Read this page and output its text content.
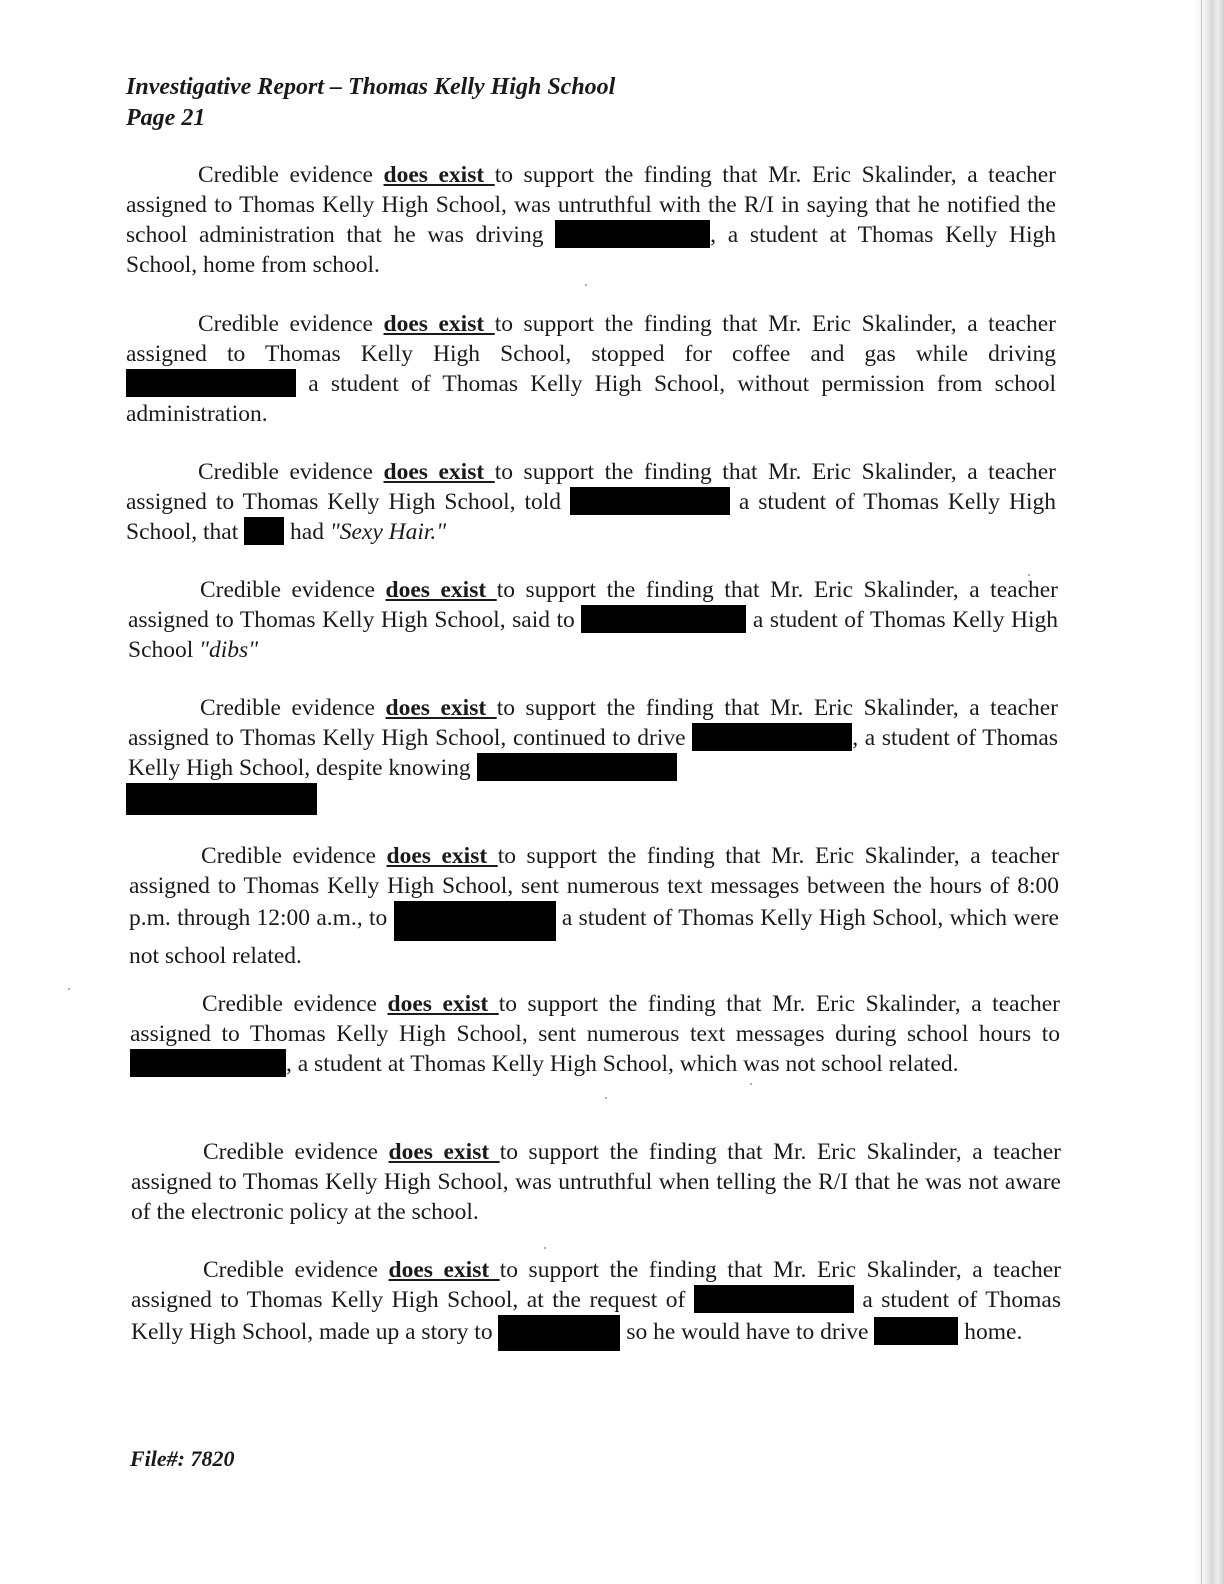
Investigative Report – Thomas Kelly High School
Page 21

Credible evidence does exist to support the finding that Mr. Eric Skalinder, a teacher assigned to Thomas Kelly High School, was untruthful with the R/I in saying that he notified the school administration that he was driving	, a student at Thomas Kelly High School, home from school.

Credible evidence does exist to support the finding that Mr. Eric Skalinder, a teacher assigned to Thomas Kelly High School, stopped for coffee and gas while driving  a student of Thomas Kelly High School, without permission from school administration.

Credible evidence does exist to support the finding that Mr. Eric Skalinder, a teacher assigned to Thomas Kelly High School, told	a student of Thomas Kelly High School, that  had "Sexy Hair."

Credible evidence does exist to support the finding that Mr. Eric Skalinder, a teacher assigned to Thomas Kelly High School, said to	a student of Thomas Kelly High School "dibs"

Credible evidence does exist to support the finding that Mr. Eric Skalinder, a teacher assigned to Thomas Kelly High School, continued to drive	, a student of Thomas Kelly High School, despite knowing

Credible evidence does exist to support the finding that Mr. Eric Skalinder, a teacher assigned to Thomas Kelly High School, sent numerous text messages between the hours of 8:00 p.m. through 12:00 a.m., to	a student of Thomas Kelly High School, which were not school related.

Credible evidence does exist to support the finding that Mr. Eric Skalinder, a teacher assigned to Thomas Kelly High School, sent numerous text messages during school hours to , a student at Thomas Kelly High School, which was not school related.

Credible evidence does exist to support the finding that Mr. Eric Skalinder, a teacher assigned to Thomas Kelly High School, was untruthful when telling the R/I that he was not aware of the electronic policy at the school.

Credible evidence does exist to support the finding that Mr. Eric Skalinder, a teacher assigned to Thomas Kelly High School, at the request of	a student of Thomas Kelly High School, made up a story to	so he would have to drive	home.

File#: 7820
